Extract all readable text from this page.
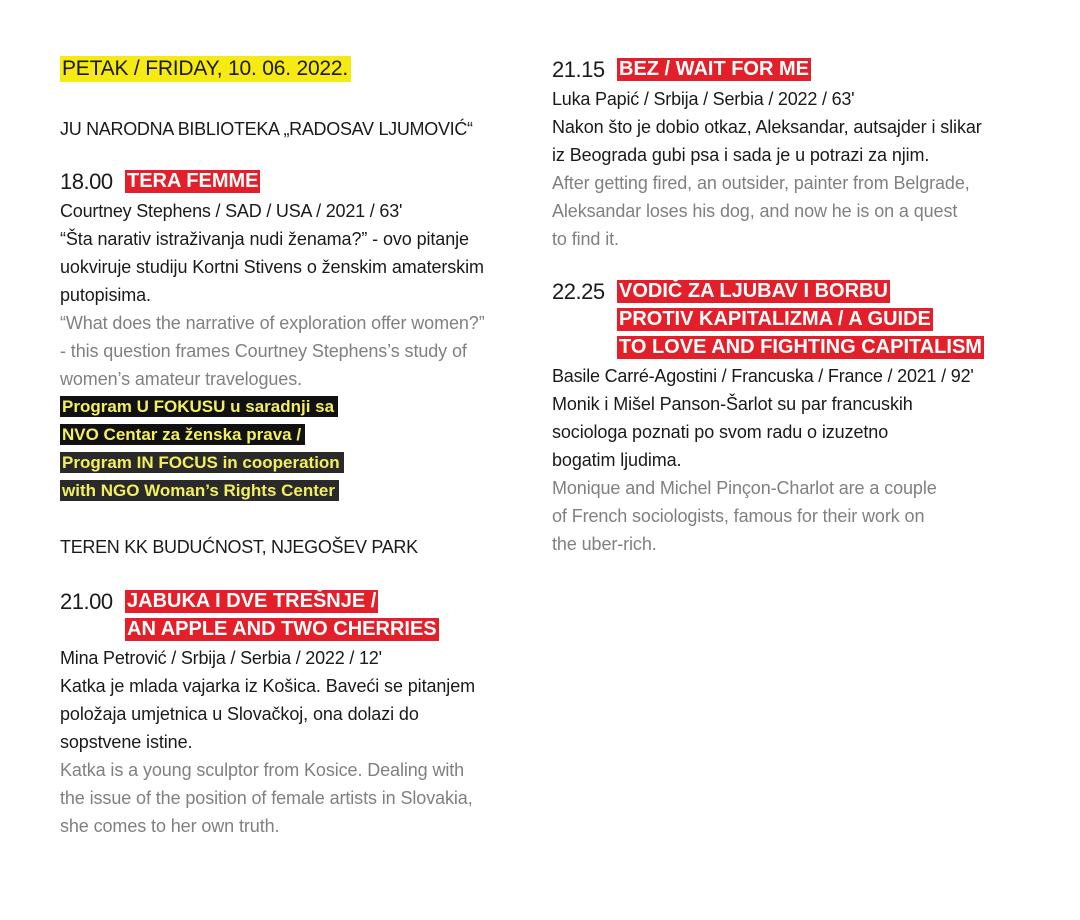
PETAK / FRIDAY, 10. 06. 2022.
JU NARODNA BIBLIOTEKA „RADOSAV LJUMOVIĆ“
18.00 TERA FEMME
Courtney Stephens / SAD / USA / 2021 / 63'
“Šta narativ istraživanja nudi ženama?” - ovo pitanje
uokviruje studiju Kortni Stivens o ženskim amaterskim
putopisima.
“What does the narrative of exploration offer women?”
- this question frames Courtney Stephens’s study of
women’s amateur travelogues.
Program U FOKUSU u saradnji sa
NVO Centar za ženska prava /
Program IN FOCUS in cooperation
with NGO Woman’s Rights Center
TEREN KK BUDUĆNOST, NJEGOŠEV PARK
21.00 JABUKA I DVE TREŠNJE /
AN APPLE AND TWO CHERRIES
Mina Petrović / Srbija / Serbia / 2022 / 12'
Katka je mlada vajarka iz Košica. Baveći se pitanjem
položaja umjetnica u Slovačkoj, ona dolazi do
sopstvene istine.
Katka is a young sculptor from Kosice. Dealing with
the issue of the position of female artists in Slovakia,
she comes to her own truth.
21.15 BEZ / WAIT FOR ME
Luka Papić / Srbija / Serbia / 2022 / 63'
Nakon što je dobio otkaz, Aleksandar, autsajder i slikar
iz Beograda gubi psa i sada je u potrazi za njim.
After getting fired, an outsider, painter from Belgrade,
Aleksandar loses his dog, and now he is on a quest
to find it.
22.25 VODIČ ZA LJUBAV I BORBU
PROTIV KAPITALIZMA / A GUIDE
TO LOVE AND FIGHTING CAPITALISM
Basile Carré-Agostini / Francuska / France / 2021 / 92'
Monik i Mišel Panson-Šarlot su par francuskih
sociologa poznati po svom radu o izuzetno
bogatim ljudima.
Monique and Michel Pinçon-Charlot are a couple
of French sociologists, famous for their work on
the uber-rich.
